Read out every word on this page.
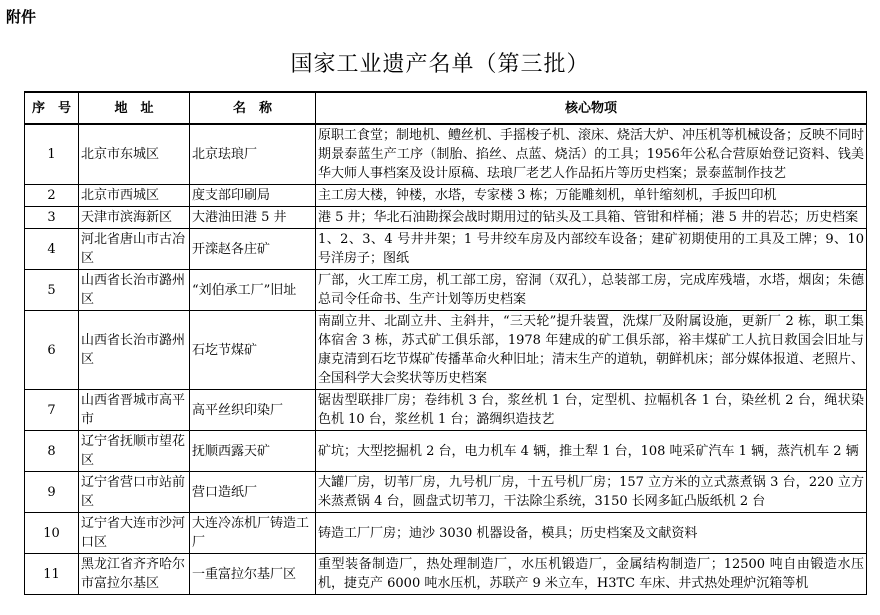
附件
国家工业遗产名单（第三批）
序　号	地　址	名　称	核心物项
1	北京市东城区	北京珐琅厂	原职工食堂；制地机、鳢丝机、手摇梭子机、滚床、烧活大炉、冲压机等机械设备；反映不同时期景泰蓝生产工序（制胎、掐丝、点蓝、烧活）的工具；1956年公私合营原始登记资料、钱美华大师人事档案及设计原稿、珐琅厂老艺人作品拓片等历史档案；景泰蓝制作技艺
2	北京市西城区	度支部印刷局	主工房大楼，钟楼，水塔，专家楼 3 栋；万能雕刻机，单针缩刻机，手扳凹印机
3	天津市滨海新区	大港油田港 5 井	港 5 井；华北石油勘探会战时期用过的钻头及工具箱、管钳和样桶；港 5 井的岩芯；历史档案
4	河北省唐山市古冶区	开滦赵各庄矿	1、2、3、4 号井井架；1 号井绞车房及内部绞车设备；建矿初期使用的工具及工牌；9、10 号洋房子；图纸
5	山西省长治市潞州区	“刘伯承工厂”旧址	厂部，火工库工房，机工部工房，窑洞（双孔），总装部工房，完成库残墙，水塔，烟囱；朱德总司令任命书、生产计划等历史档案
6	山西省长治市潞州区	石圪节煤矿	南副立井、北副立井、主斜井，“三天轮”提升装置，洗煤厂及附属设施，更新厂 2 栋，职工集体宿舍 3 栋，苏式矿工俱乐部，1978 年建成的矿工俱乐部，裕丰煤矿工人抗日救国会旧址与康克清到石圪节煤矿传播革命火种旧址；清末生产的道轨，朝鲜机床；部分媒体报道、老照片、全国科学大会奖状等历史档案
7	山西省晋城市高平市	高平丝织印染厂	锯齿型联排厂房；卷纬机 3 台，浆丝机 1 台，定型机、拉幅机各 1 台，染丝机 2 台，绳状染色机 10 台，浆丝机 1 台；潞绸织造技艺
8	辽宁省抚顺市望花区	抚顺西露天矿	矿坑；大型挖掘机 2 台，电力机车 4 辆，推土犁 1 台，108 吨采矿汽车 1 辆，蒸汽机车 2 辆
9	辽宁省营口市站前区	营口造纸厂	大罐厂房，切苇厂房，九号机厂房，十五号机厂房；157 立方米的立式蒸煮锅 3 台，220 立方米蒸煮锅 4 台，圆盘式切苇刀，干法除尘系统，3150 长网多缸凸版纸机 2 台
10	辽宁省大连市沙河口区	大连冷冻机厂铸造工厂	铸造工厂厂房；迪沙 3030 机器设备，模具；历史档案及文献资料
11	黑龙江省齐齐哈尔市富拉尔基区	一重富拉尔基厂区	重型装备制造厂，热处理制造厂，水压机锻造厂，金属结构制造厂；12500 吨自由锻造水压机，捷克产 6000 吨水压机，苏联产 9 米立车，H3TC 车床、井式热处理炉沉箱等机
